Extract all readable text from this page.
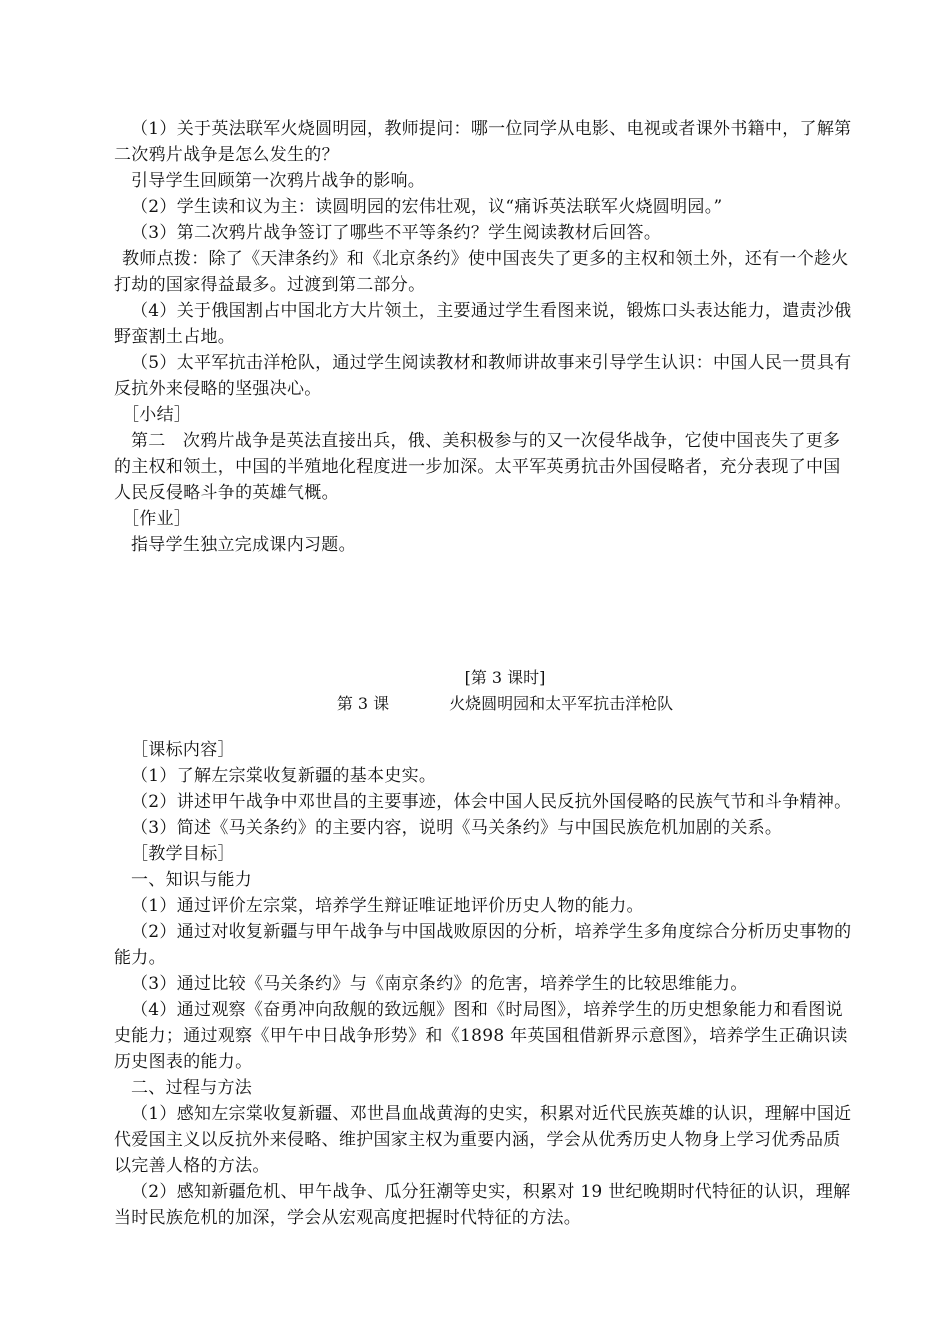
（1）关于英法联军火烧圆明园，教师提问：哪一位同学从电影、电视或者课外书籍中，了解第二次鸦片战争是怎么发生的？

引导学生回顾第一次鸦片战争的影响。

（2）学生读和议为主：读圆明园的宏伟壮观，议“痛诉英法联军火烧圆明园。”

（3）第二次鸦片战争签订了哪些不平等条约？学生阅读教材后回答。

教师点拨：除了《天津条约》和《北京条约》使中国丧失了更多的主权和领土外，还有一个趁火打劫的国家得益最多。过渡到第二部分。

（4）关于俄国割占中国北方大片领土，主要通过学生看图来说，锻炼口头表达能力，遣责沙俄野蛮割土占地。

（5）太平军抗击洋枪队，通过学生阅读教材和教师讲故事来引导学生认识：中国人民一贯具有反抗外来侵略的坚强决心。

［小结］

第二　次鸦片战争是英法直接出兵，俄、美积极参与的又一次侵华战争，它使中国丧失了更多的主权和领土，中国的半殖地化程度进一步加深。太平军英勇抗击外国侵略者，充分表现了中国人民反侵略斗争的英雄气概。

［作业］

指导学生独立完成课内习题。

[第 3 课时]

第 3 课	火烧圆明园和太平军抗击洋枪队

［课标内容］

（1）了解左宗棠收复新疆的基本史实。

（2）讲述甲午战争中邓世昌的主要事迹，体会中国人民反抗外国侵略的民族气节和斗争精神。

（3）简述《马关条约》的主要内容，说明《马关条约》与中国民族危机加剧的关系。

［教学目标］

一、知识与能力

（1）通过评价左宗棠，培养学生辩证唯证地评价历史人物的能力。

（2）通过对收复新疆与甲午战争与中国战败原因的分析，培养学生多角度综合分析历史事物的能力。

（3）通过比较《马关条约》与《南京条约》的危害，培养学生的比较思维能力。

（4）通过观察《奋勇冲向敌舰的致远舰》图和《时局图》，培养学生的历史想象能力和看图说史能力；通过观察《甲午中日战争形势》和《1898 年英国租借新界示意图》，培养学生正确识读历史图表的能力。

二、过程与方法

（1）感知左宗棠收复新疆、邓世昌血战黄海的史实，积累对近代民族英雄的认识，理解中国近代爱国主义以反抗外来侵略、维护国家主权为重要内涵，学会从优秀历史人物身上学习优秀品质以完善人格的方法。

（2）感知新疆危机、甲午战争、瓜分狂潮等史实，积累对 19 世纪晚期时代特征的认识，理解当时民族危机的加深，学会从宏观高度把握时代特征的方法。
